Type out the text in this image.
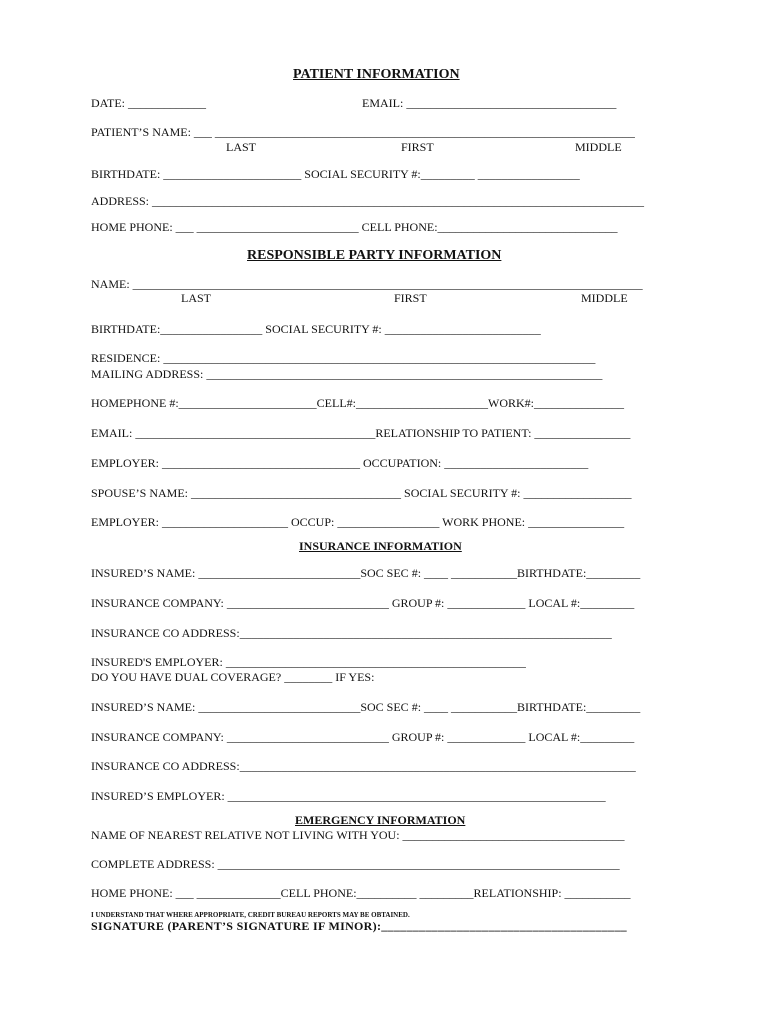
PATIENT INFORMATION
DATE: _____________	EMAIL: ___________________________________
PATIENT’S NAME: ___ ______________________________________________________________________
LAST	FIRST	MIDDLE
BIRTHDATE: _______________________ SOCIAL SECURITY #:_________ _________________
ADDRESS: __________________________________________________________________________________
HOME PHONE: ___ ___________________________ CELL PHONE:______________________________
RESPONSIBLE PARTY INFORMATION
NAME: _____________________________________________________________________________________
LAST	FIRST	MIDDLE
BIRTHDATE:_________________ SOCIAL SECURITY #: __________________________
RESIDENCE: ________________________________________________________________________
MAILING ADDRESS: __________________________________________________________________
HOMEPHONE #:_______________________CELL#:______________________WORK#:_______________
EMAIL: ________________________________________RELATIONSHIP TO PATIENT: ________________
EMPLOYER: _________________________________ OCCUPATION: ________________________
SPOUSE’S NAME: ___________________________________ SOCIAL SECURITY #: __________________
EMPLOYER: _____________________ OCCUP: _________________ WORK PHONE: ________________
INSURANCE INFORMATION
INSURED’S NAME: ___________________________SOC SEC #: ____ ___________BIRTHDATE:_________
INSURANCE COMPANY: ___________________________ GROUP #: _____________ LOCAL #:_________
INSURANCE CO ADDRESS:______________________________________________________________
INSURED'S EMPLOYER: __________________________________________________
DO YOU HAVE DUAL COVERAGE? ________ IF YES:
INSURED’S NAME: ___________________________SOC SEC #: ____ ___________BIRTHDATE:_________
INSURANCE COMPANY: ___________________________ GROUP #: _____________ LOCAL #:_________
INSURANCE CO ADDRESS:__________________________________________________________________
INSURED’S EMPLOYER: _______________________________________________________________
EMERGENCY INFORMATION
NAME OF NEAREST RELATIVE NOT LIVING WITH YOU: _____________________________________
COMPLETE ADDRESS: ___________________________________________________________________
HOME PHONE: ___ ______________CELL PHONE:__________ _________RELATIONSHIP: ___________
I UNDERSTAND THAT WHERE APPROPRIATE, CREDIT BUREAU REPORTS MAY BE OBTAINED.
SIGNATURE (PARENT’S SIGNATURE IF MINOR):_______________________________________
